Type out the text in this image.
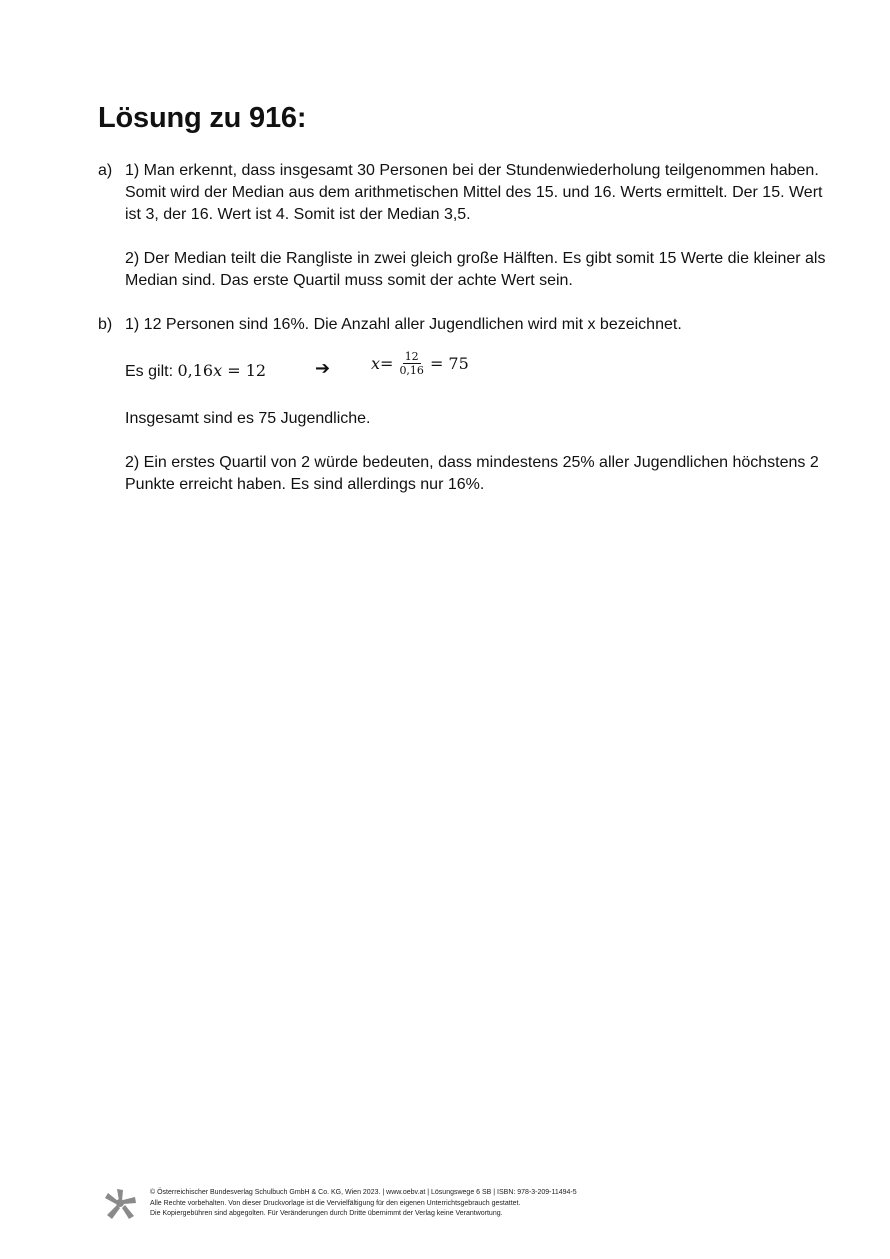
Lösung zu 916:
a) 1) Man erkennt, dass insgesamt 30 Personen bei der Stundenwiederholung teilgenommen haben. Somit wird der Median aus dem arithmetischen Mittel des 15. und 16. Werts ermittelt. Der 15. Wert ist 3, der 16. Wert ist 4. Somit ist der Median 3,5.

2) Der Median teilt die Rangliste in zwei gleich große Hälften. Es gibt somit 15 Werte die kleiner als Median sind. Das erste Quartil muss somit der achte Wert sein.

b) 1) 12 Personen sind 16%. Die Anzahl aller Jugendlichen wird mit x bezeichnet.

Es gilt: 0,16x = 12	➔	$x = \frac{12}{0,16} = 75$

Insgesamt sind es 75 Jugendliche.

2) Ein erstes Quartil von 2 würde bedeuten, dass mindestens 25% aller Jugendlichen höchstens 2 Punkte erreicht haben. Es sind allerdings nur 16%.

© Österreichischer Bundesverlag Schulbuch GmbH & Co. KG, Wien 2023. | www.oebv.at | Lösungswege 6 SB | ISBN: 978-3-209-11494-5
Alle Rechte vorbehalten. Von dieser Druckvorlage ist die Vervielfältigung für den eigenen Unterrichtsgebrauch gestattet.
Die Kopiergebühren sind abgegolten. Für Veränderungen durch Dritte übernimmt der Verlag keine Verantwortung.
